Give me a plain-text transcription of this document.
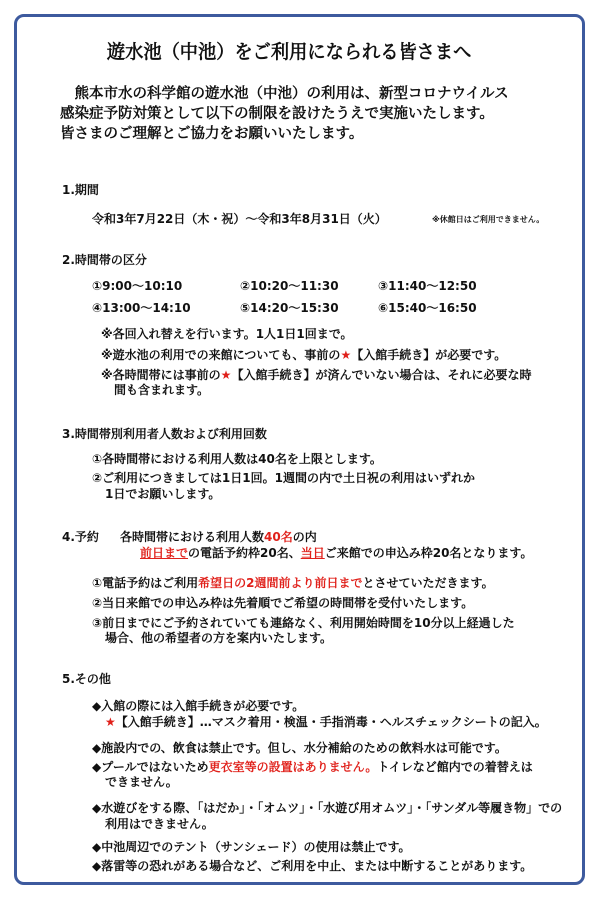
遊水池（中池）をご利用になられる皆さまへ
　熊本市水の科学館の遊水池（中池）の利用は、新型コロナウイルス
感染症予防対策として以下の制限を設けたうえで実施いたします。
皆さまのご理解とご協力をお願いいたします。
1.期間
令和3年7月22日（木・祝）～令和3年8月31日（火）	※休館日はご利用できません。
2.時間帯の区分
①9:00～10:10	②10:20～11:30	③11:40～12:50
④13:00～14:10	⑤14:20～15:30	⑥15:40～16:50
※各回入れ替えを行います。1人1日1回まで。
※遊水池の利用での来館についても、事前の★【入館手続き】が必要です。
※各時間帯には事前の★【入館手続き】が済んでいない場合は、それに必要な時
間も含まれます。
3.時間帯別利用者人数および利用回数
①各時間帯における利用人数は40名を上限とします。
②ご利用につきましては1日1回。1週間の内で土日祝の利用はいずれか
1日でお願いします。
4.予約 各時間帯における利用人数40名の内
前日までの電話予約枠20名、当日ご来館での申込み枠20名となります。
①電話予約はご利用希望日の2週間前より前日までとさせていただきます。
②当日来館での申込み枠は先着順でご希望の時間帯を受付いたします。
③前日までにご予約されていても連絡なく、利用開始時間を10分以上経過した
場合、他の希望者の方を案内いたします。
5.その他
◆入館の際には入館手続きが必要です。
★【入館手続き】…マスク着用・検温・手指消毒・ヘルスチェックシートの記入。
◆施設内での、飲食は禁止です。但し、水分補給のための飲料水は可能です。
◆プールではないため更衣室等の設置はありません。トイレなど館内での着替えは
できません。
◆水遊びをする際、「はだか」・「オムツ」・「水遊び用オムツ」・「サンダル等履き物」での
利用はできません。
◆中池周辺でのテント（サンシェード）の使用は禁止です。
◆落雷等の恐れがある場合など、ご利用を中止、または中断することがあります。
